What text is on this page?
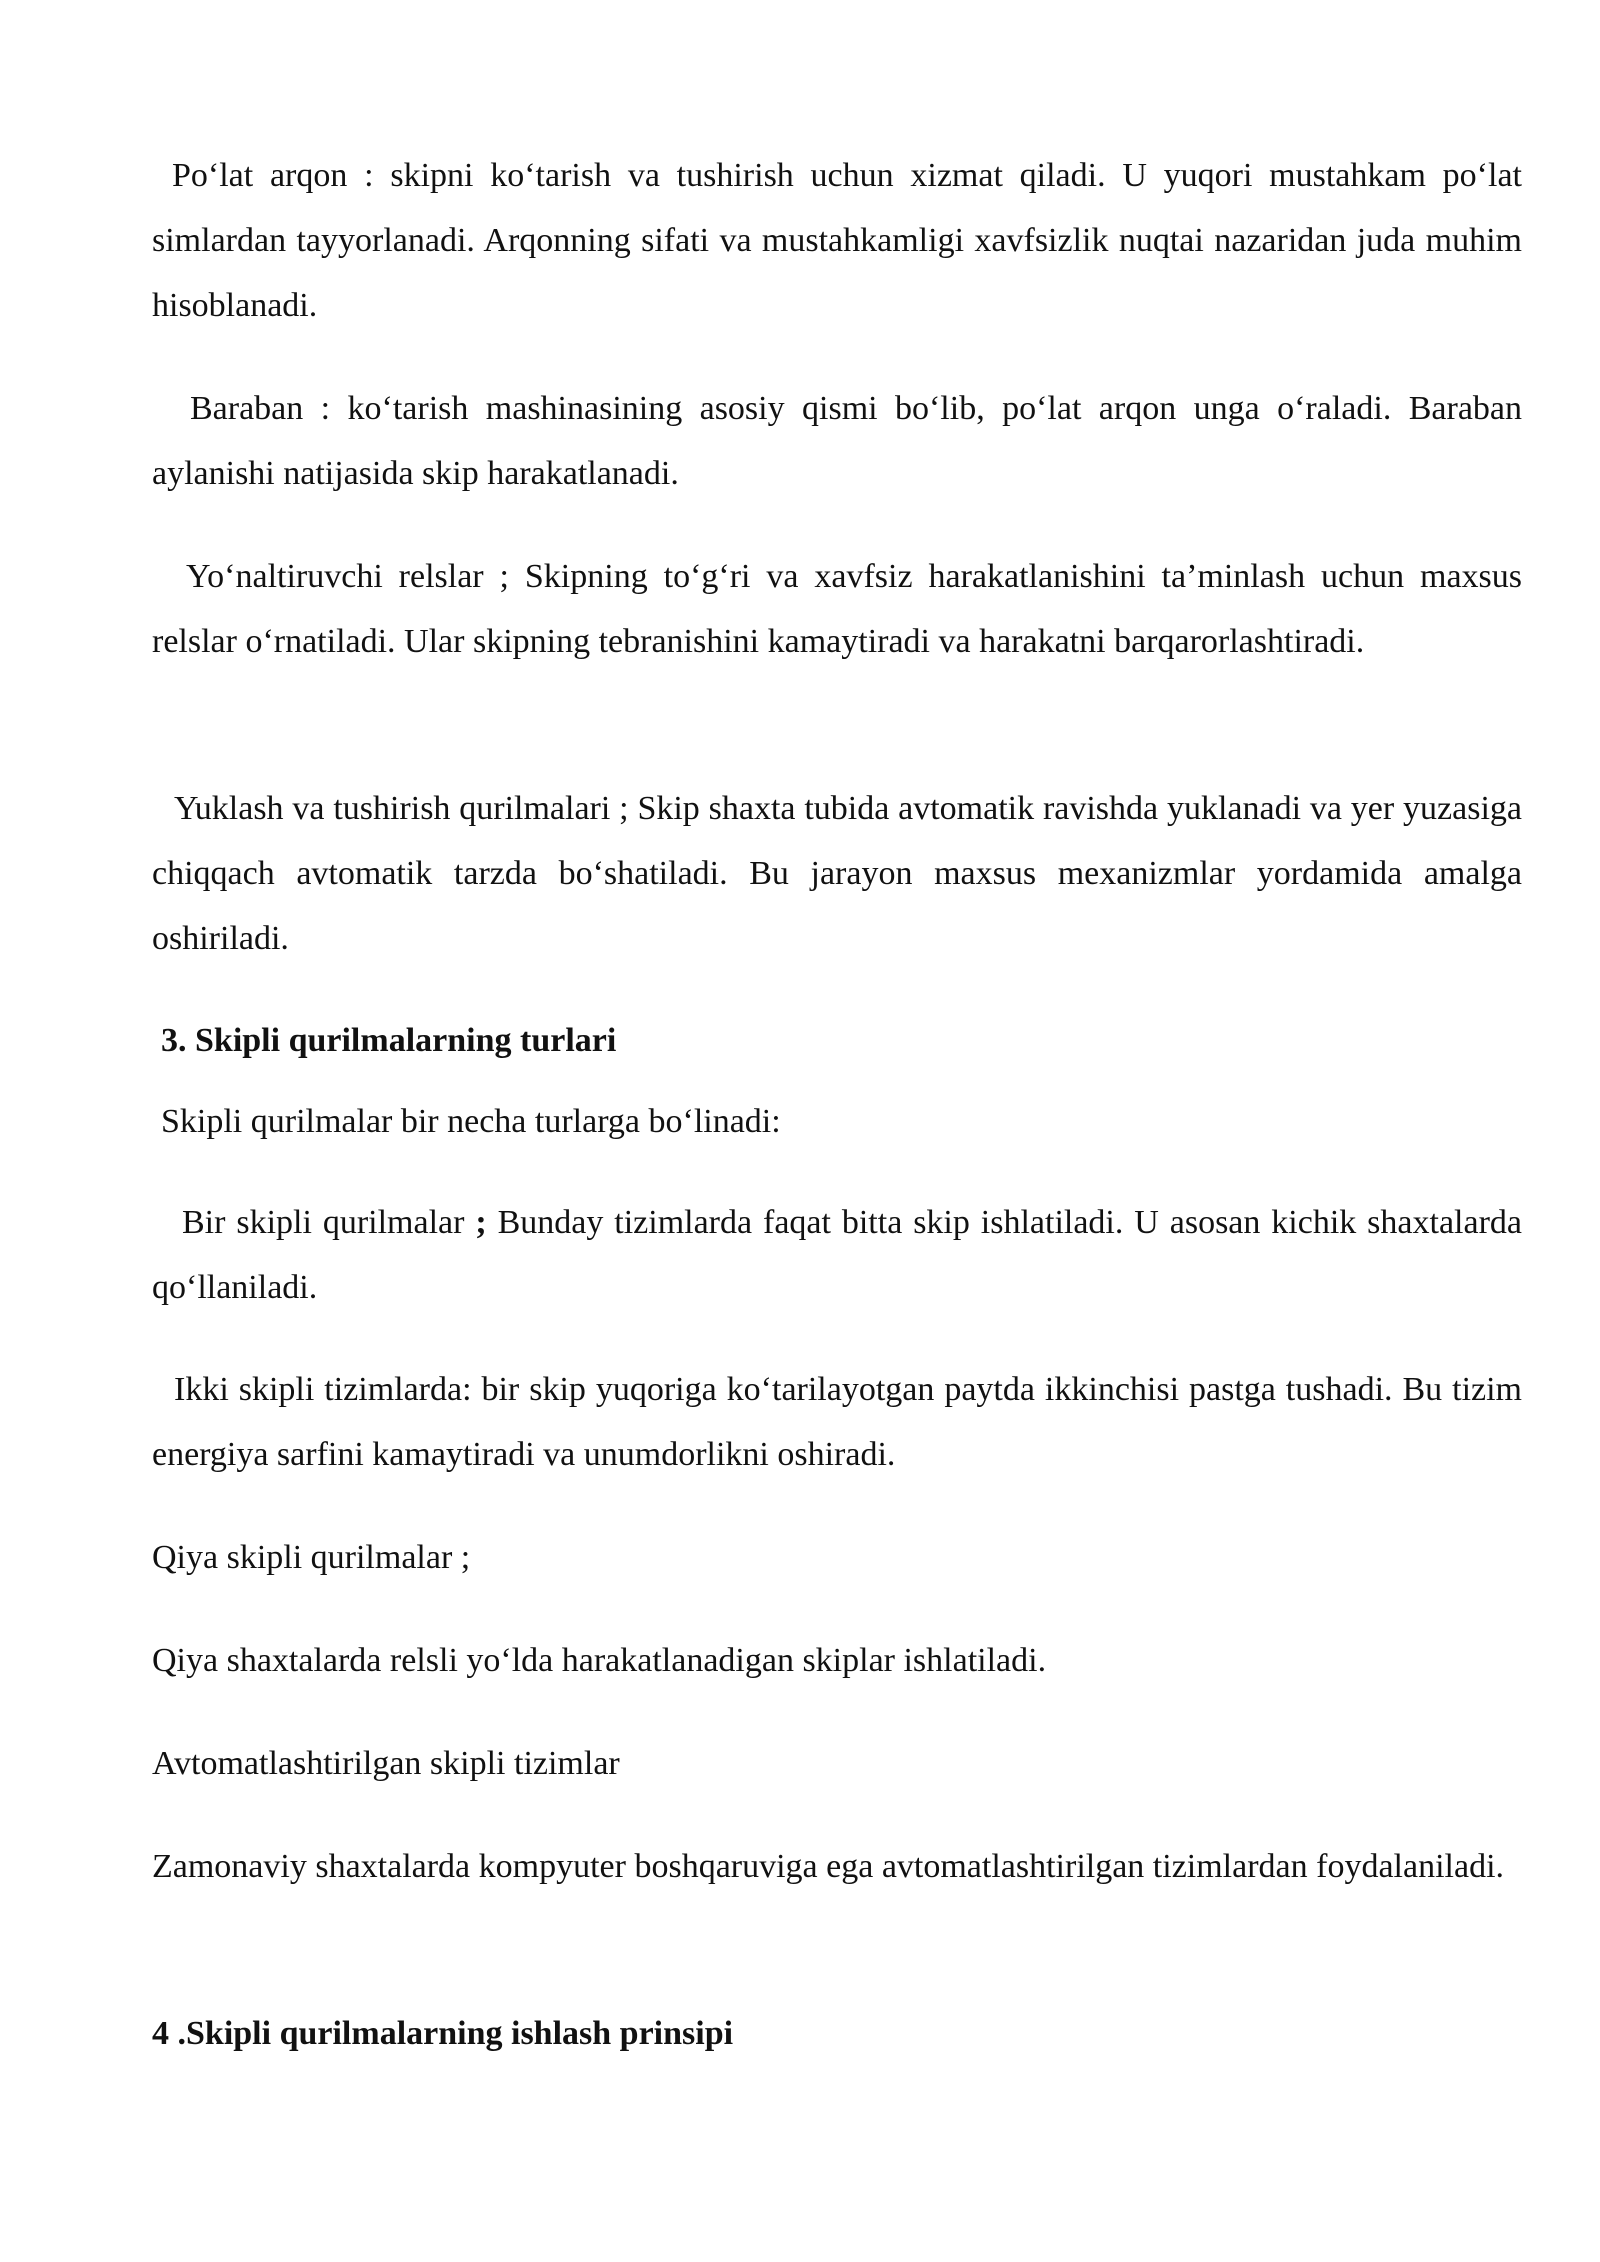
Poʻlat arqon : skipni koʻtarish va tushirish uchun xizmat qiladi. U yuqori mustahkam poʻlat simlardan tayyorlanadi. Arqonning sifati va mustahkamligi xavfsizlik nuqtai nazaridan juda muhim hisoblanadi.

Baraban : koʻtarish mashinasining asosiy qismi boʻlib, poʻlat arqon unga oʻraladi. Baraban aylanishi natijasida skip harakatlanadi.

Yoʻnaltiruvchi relslar ; Skipning toʻgʻri va xavfsiz harakatlanishini ta’minlash uchun maxsus relslar oʻrnatiladi. Ular skipning tebranishini kamaytiradi va harakatni barqarorlashtiradi.

Yuklash va tushirish qurilmalari ; Skip shaxta tubida avtomatik ravishda yuklanadi va yer yuzasiga chiqqach avtomatik tarzda boʻshatiladi. Bu jarayon maxsus mexanizmlar yordamida amalga oshiriladi.

3. Skipli qurilmalarning turlari

Skipli qurilmalar bir necha turlarga boʻlinadi:

Bir skipli qurilmalar ; Bunday tizimlarda faqat bitta skip ishlatiladi. U asosan kichik shaxtalarda qoʻllaniladi.

Ikki skipli tizimlarda: bir skip yuqoriga koʻtarilayotgan paytda ikkinchisi pastga tushadi. Bu tizim energiya sarfini kamaytiradi va unumdorlikni oshiradi.

Qiya skipli qurilmalar ;

Qiya shaxtalarda relsli yoʻlda harakatlanadigan skiplar ishlatiladi.

Avtomatlashtirilgan skipli tizimlar

Zamonaviy shaxtalarda kompyuter boshqaruviga ega avtomatlashtirilgan tizimlardan foydalaniladi.

4 .Skipli qurilmalarning ishlash prinsipi
